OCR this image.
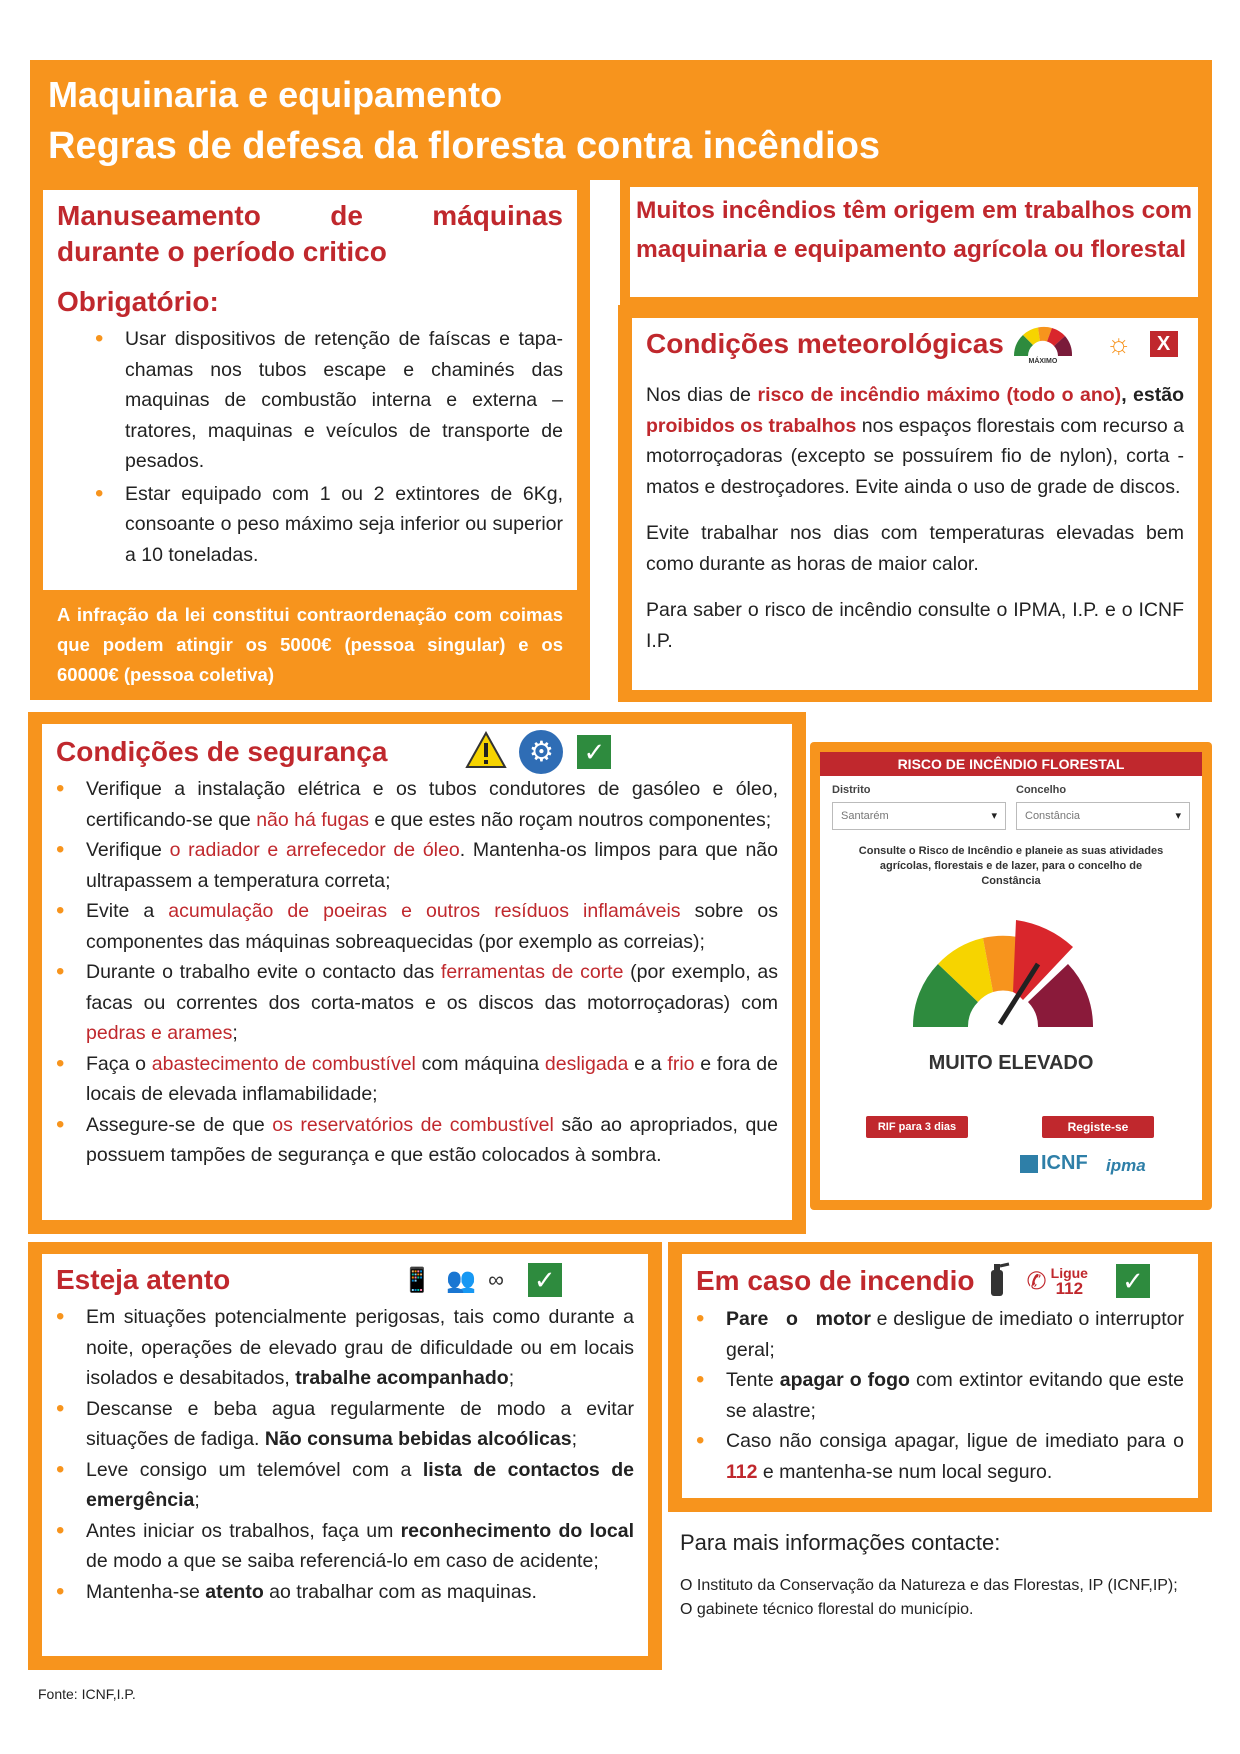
Maquinaria e equipamento
Regras de defesa da floresta contra incêndios
Manuseamento de máquinas
durante o período critico
Obrigatório:
• Usar dispositivos de retenção de faíscas e tapa-chamas nos tubos escape e chaminés das maquinas de combustão interna e externa – tratores, maquinas e veículos de transporte de pesados.
• Estar equipado com 1 ou 2 extintores de 6Kg, consoante o peso máximo seja inferior ou superior a 10 toneladas.
A infração da lei constitui contraordenação com coimas que podem atingir os 5000€ (pessoa singular) e os 60000€ (pessoa coletiva)
Muitos incêndios têm origem em trabalhos com maquinaria e equipamento agrícola ou florestal
Condições meteorológicas
MÁXIMO
☼	X

Nos dias de risco de incêndio máximo (todo o ano), estão proibidos os trabalhos nos espaços florestais com recurso a motorroçadoras (excepto se possuírem fio de nylon), corta -matos e destroçadores. Evite ainda o uso de grade de discos.

Evite trabalhar nos dias com temperaturas elevadas bem como durante as horas de maior calor.

Para saber o risco de incêndio consulte o IPMA, I.P. e o ICNF I.P.

Condições de segurança	⚙	✓
• Verifique a instalação elétrica e os tubos condutores de gasóleo e óleo, certificando-se que não há fugas e que estes não roçam noutros componentes;
• Verifique o radiador e arrefecedor de óleo. Mantenha-os limpos para que não ultrapassem a temperatura correta;
• Evite a acumulação de poeiras e outros resíduos inflamáveis sobre os componentes das máquinas sobreaquecidas (por exemplo as correias);
• Durante o trabalho evite o contacto das ferramentas de corte (por exemplo, as facas ou correntes dos corta-matos e os discos das motorroçadoras) com pedras e arames;
• Faça o abastecimento de combustível com máquina desligada e a frio e fora de locais de elevada inflamabilidade;
• Assegure-se de que os reservatórios de combustível são ao apropriados, que possuem tampões de segurança e que estão colocados à sombra.
RISCO DE INCÊNDIO FLORESTAL
Distrito
Santarém	▾
Concelho
Constância	▾
Consulte o Risco de Incêndio e planeie as suas atividades agrícolas, florestais e de lazer, para o concelho de Constância
MUITO ELEVADO
RIF para 3 dias	Registe-se
ICNF ipma
Esteja atento	📱 👥 ∞ ✓
• Em situações potencialmente perigosas, tais como durante a noite, operações de elevado grau de dificuldade ou em locais isolados e desabitados, trabalhe acompanhado;
• Descanse e beba agua regularmente de modo a evitar situações de fadiga. Não consuma bebidas alcoólicas;
• Leve consigo um telemóvel com a lista de contactos de emergência;
• Antes iniciar os trabalhos, faça um reconhecimento do local de modo a que se saiba referenciá-lo em caso de acidente;
• Mantenha-se atento ao trabalhar com as maquinas.
Em caso de incendio ✆ Ligue
112 ✓
• Pare o motor e desligue de imediato o interruptor geral;
• Tente apagar o fogo com extintor evitando que este se alastre;
• Caso não consiga apagar, ligue de imediato para o 112 e mantenha-se num local seguro.
Para mais informações contacte:
O Instituto da Conservação da Natureza e das Florestas, IP (ICNF,IP);
O gabinete técnico florestal do município.
Fonte: ICNF,I.P.
